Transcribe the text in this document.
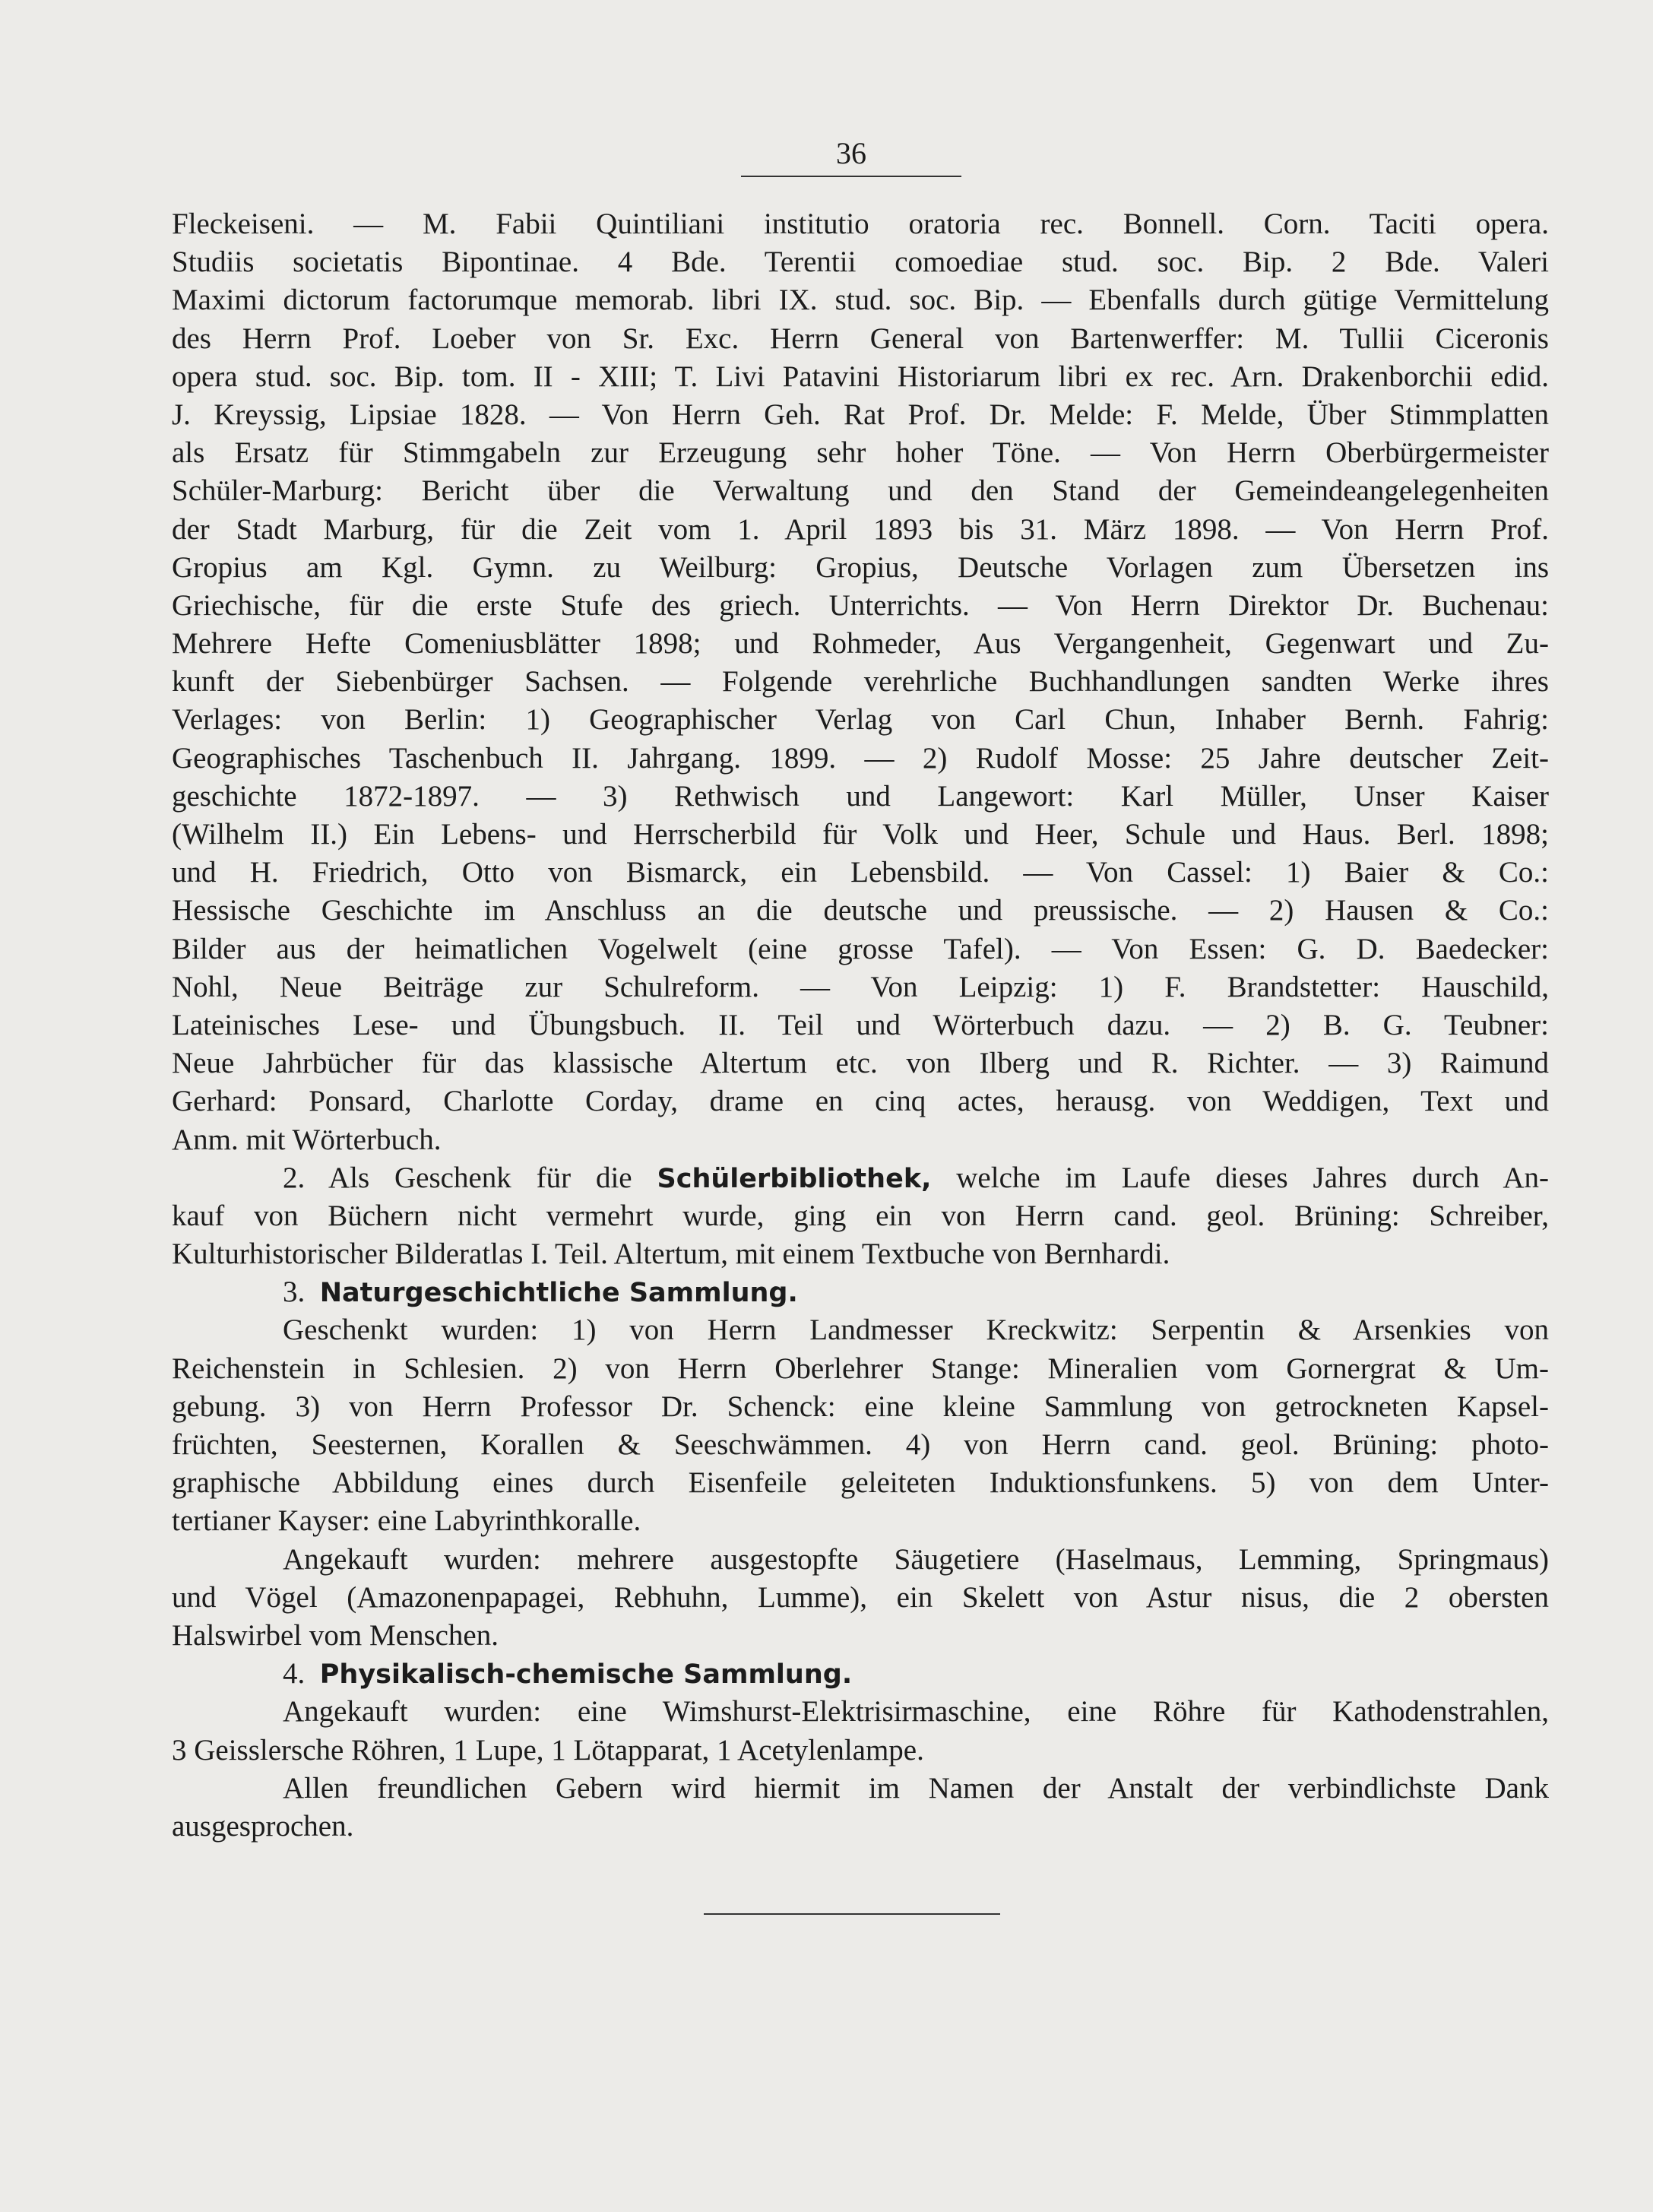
36
Fleckeiseni. — M. Fabii Quintiliani institutio oratoria rec. Bonnell. Corn. Taciti opera.
Studiis societatis Bipontinae. 4 Bde. Terentii comoediae stud. soc. Bip. 2 Bde. Valeri
Maximi dictorum factorumque memorab. libri IX. stud. soc. Bip. — Ebenfalls durch gütige Vermittelung
des Herrn Prof. Loeber von Sr. Exc. Herrn General von Bartenwerffer: M. Tullii Ciceronis
opera stud. soc. Bip. tom. II - XIII; T. Livi Patavini Historiarum libri ex rec. Arn. Drakenborchii edid.
J. Kreyssig, Lipsiae 1828. — Von Herrn Geh. Rat Prof. Dr. Melde: F. Melde, Über Stimmplatten
als Ersatz für Stimmgabeln zur Erzeugung sehr hoher Töne. — Von Herrn Oberbürgermeister
Schüler-Marburg: Bericht über die Verwaltung und den Stand der Gemeindeangelegenheiten
der Stadt Marburg, für die Zeit vom 1. April 1893 bis 31. März 1898. — Von Herrn Prof.
Gropius am Kgl. Gymn. zu Weilburg: Gropius, Deutsche Vorlagen zum Übersetzen ins
Griechische, für die erste Stufe des griech. Unterrichts. — Von Herrn Direktor Dr. Buchenau:
Mehrere Hefte Comeniusblätter 1898; und Rohmeder, Aus Vergangenheit, Gegenwart und Zu-
kunft der Siebenbürger Sachsen. — Folgende verehrliche Buchhandlungen sandten Werke ihres
Verlages: von Berlin: 1) Geographischer Verlag von Carl Chun, Inhaber Bernh. Fahrig:
Geographisches Taschenbuch II. Jahrgang. 1899. — 2) Rudolf Mosse: 25 Jahre deutscher Zeit-
geschichte 1872-1897. — 3) Rethwisch und Langewort: Karl Müller, Unser Kaiser
(Wilhelm II.) Ein Lebens- und Herrscherbild für Volk und Heer, Schule und Haus. Berl. 1898;
und H. Friedrich, Otto von Bismarck, ein Lebensbild. — Von Cassel: 1) Baier & Co.:
Hessische Geschichte im Anschluss an die deutsche und preussische. — 2) Hausen & Co.:
Bilder aus der heimatlichen Vogelwelt (eine grosse Tafel). — Von Essen: G. D. Baedecker:
Nohl, Neue Beiträge zur Schulreform. — Von Leipzig: 1) F. Brandstetter: Hauschild,
Lateinisches Lese- und Übungsbuch. II. Teil und Wörterbuch dazu. — 2) B. G. Teubner:
Neue Jahrbücher für das klassische Altertum etc. von Ilberg und R. Richter. — 3) Raimund
Gerhard: Ponsard, Charlotte Corday, drame en cinq actes, herausg. von Weddigen, Text und
Anm. mit Wörterbuch.
2. Als Geschenk für die Schülerbibliothek, welche im Laufe dieses Jahres durch An-
kauf von Büchern nicht vermehrt wurde, ging ein von Herrn cand. geol. Brüning: Schreiber,
Kulturhistorischer Bilderatlas I. Teil. Altertum, mit einem Textbuche von Bernhardi.
3. Naturgeschichtliche Sammlung.
Geschenkt wurden: 1) von Herrn Landmesser Kreckwitz: Serpentin & Arsenkies von
Reichenstein in Schlesien. 2) von Herrn Oberlehrer Stange: Mineralien vom Gornergrat & Um-
gebung. 3) von Herrn Professor Dr. Schenck: eine kleine Sammlung von getrockneten Kapsel-
früchten, Seesternen, Korallen & Seeschwämmen. 4) von Herrn cand. geol. Brüning: photo-
graphische Abbildung eines durch Eisenfeile geleiteten Induktionsfunkens. 5) von dem Unter-
tertianer Kayser: eine Labyrinthkoralle.
Angekauft wurden: mehrere ausgestopfte Säugetiere (Haselmaus, Lemming, Springmaus)
und Vögel (Amazonenpapagei, Rebhuhn, Lumme), ein Skelett von Astur nisus, die 2 obersten
Halswirbel vom Menschen.
4. Physikalisch-chemische Sammlung.
Angekauft wurden: eine Wimshurst-Elektrisirmaschine, eine Röhre für Kathodenstrahlen,
3 Geisslersche Röhren, 1 Lupe, 1 Lötapparat, 1 Acetylenlampe.
Allen freundlichen Gebern wird hiermit im Namen der Anstalt der verbindlichste Dank
ausgesprochen.
